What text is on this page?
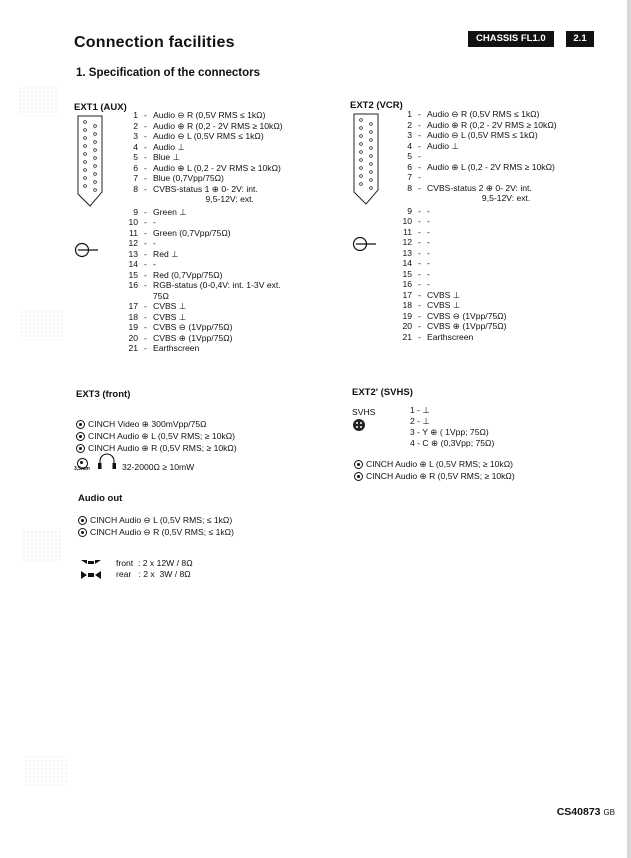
Connection facilities	CHASSIS FL1.0	2.1
1. Specification of the connectors
EXT1 (AUX)
1 - Audio ⊖ R (0,5V RMS ≤ 1kΩ)
2 - Audio ⊕ R (0,2 - 2V RMS ≥ 10kΩ)
3 - Audio ⊖ L (0,5V RMS ≤ 1kΩ)
4 - Audio ⊥
5 - Blue ⊥
6 - Audio ⊕ L (0,2 - 2V RMS ≥ 10kΩ)
7 - Blue (0,7Vpp/75Ω)
8 - CVBS-status 1 ⊕ 0- 2V: int.
9,5-12V: ext.
9 - Green ⊥
10 - -
11 - Green (0,7Vpp/75Ω)
12 - -
13 - Red ⊥
14 - -
15 - Red (0,7Vpp/75Ω)
16 - RGB-status (0-0,4V: int. 1-3V ext.
75Ω
17 - CVBS ⊥
18 - CVBS ⊥
19 - CVBS ⊖ (1Vpp/75Ω)
20 - CVBS ⊕ (1Vpp/75Ω)
21 - Earthscreen
EXT2 (VCR)
1 - Audio ⊖ R (0,5V RMS ≤ 1kΩ)
2 - Audio ⊕ R (0,2 - 2V RMS ≥ 10kΩ)
3 - Audio ⊖ L (0,5V RMS ≤ 1kΩ)
4 - Audio ⊥
5 -
6 - Audio ⊕ L (0,2 - 2V RMS ≥ 10kΩ)
7 -
8 - CVBS-status 2 ⊕ 0- 2V: int.
9,5-12V: ext.
9 - -
10 - -
11 - -
12 - -
13 - -
14 - -
15 - -
16 - -
17 - CVBS ⊥
18 - CVBS ⊥
19 - CVBS ⊖ (1Vpp/75Ω)
20 - CVBS ⊕ (1Vpp/75Ω)
21 - Earthscreen
EXT3 (front)
CINCH Video ⊕ 300mVpp/75Ω
CINCH Audio ⊕ L (0,5V RMS; ≥ 10kΩ)
CINCH Audio ⊕ R (0,5V RMS; ≥ 10kΩ)
3,5mm	32-2000Ω ≥ 10mW
EXT2' (SVHS)
SVHS	1 - ⊥
2 - ⊥
3 - Y ⊕ ( 1Vpp; 75Ω)
4 - C ⊕ (0,3Vpp; 75Ω)
CINCH Audio ⊕ L (0,5V RMS; ≥ 10kΩ)
CINCH Audio ⊕ R (0,5V RMS; ≥ 10kΩ)
Audio out
CINCH Audio ⊖ L (0,5V RMS; ≤ 1kΩ)
CINCH Audio ⊖ R (0,5V RMS; ≤ 1kΩ)
front  : 2 x 12W / 8Ω
rear   : 2 x  3W / 8Ω
CS40873 GB
